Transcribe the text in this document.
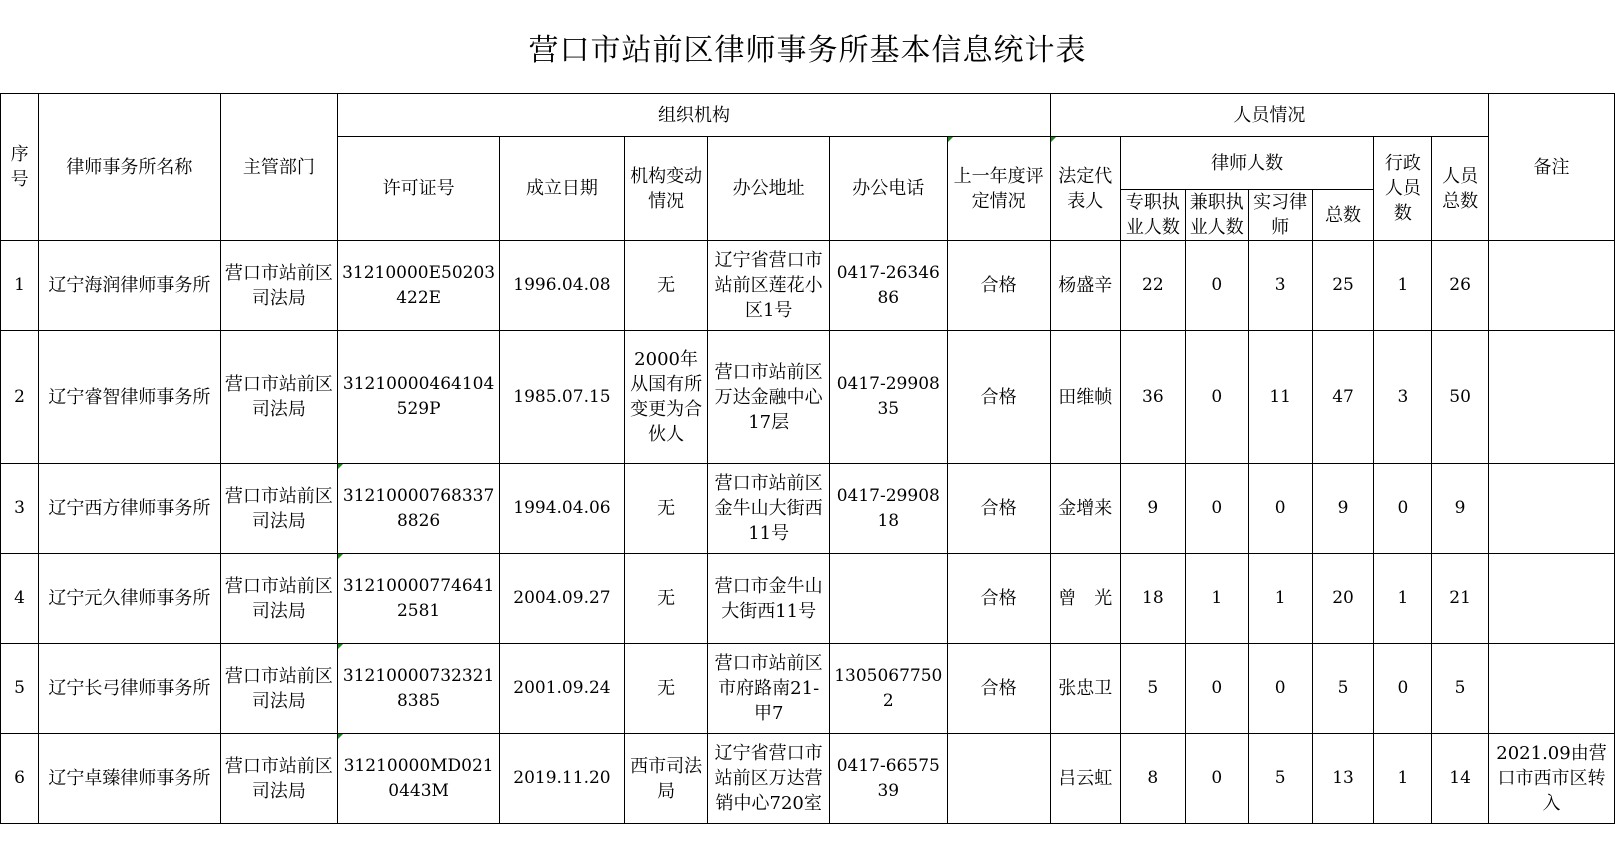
营口市站前区律师事务所基本信息统计表
序号	律师事务所名称	主管部门	组织机构						人员情况							备注
			许可证号	成立日期	机构变动情况	办公地址	办公电话	上一年度评定情况	法定代表人	律师人数				行政人员数	人员总数	
										专职执业人数	兼职执业人数	实习律师	总数			
1	辽宁海润律师事务所	营口市站前区司法局	31210000E50203422E	1996.04.08	无	辽宁省营口市站前区莲花小区1号	0417-2634686	合格	杨盛辛	22	0	3	25	1	26	
2	辽宁睿智律师事务所	营口市站前区司法局	31210000464104529P	1985.07.15	2000年从国有所变更为合伙人	营口市站前区万达金融中心17层	0417-2990835	合格	田维帧	36	0	11	47	3	50	
3	辽宁西方律师事务所	营口市站前区司法局	312100007683378826	1994.04.06	无	营口市站前区金牛山大街西11号	0417-2990818	合格	金增来	9	0	0	9	0	9	
4	辽宁元久律师事务所	营口市站前区司法局	312100007746412581	2004.09.27	无	营口市金牛山大街西11号		合格	曾　光	18	1	1	20	1	21	
5	辽宁长弓律师事务所	营口市站前区司法局	312100007323218385	2001.09.24	无	营口市站前区市府路南21-甲7	13050677502	合格	张忠卫	5	0	0	5	0	5	
6	辽宁卓臻律师事务所	营口市站前区司法局	31210000MD0210443M	2019.11.20	西市司法局	辽宁省营口市站前区万达营销中心720室	0417-6657539		吕云虹	8	0	5	13	1	14	2021.09由营口市西市区转入
